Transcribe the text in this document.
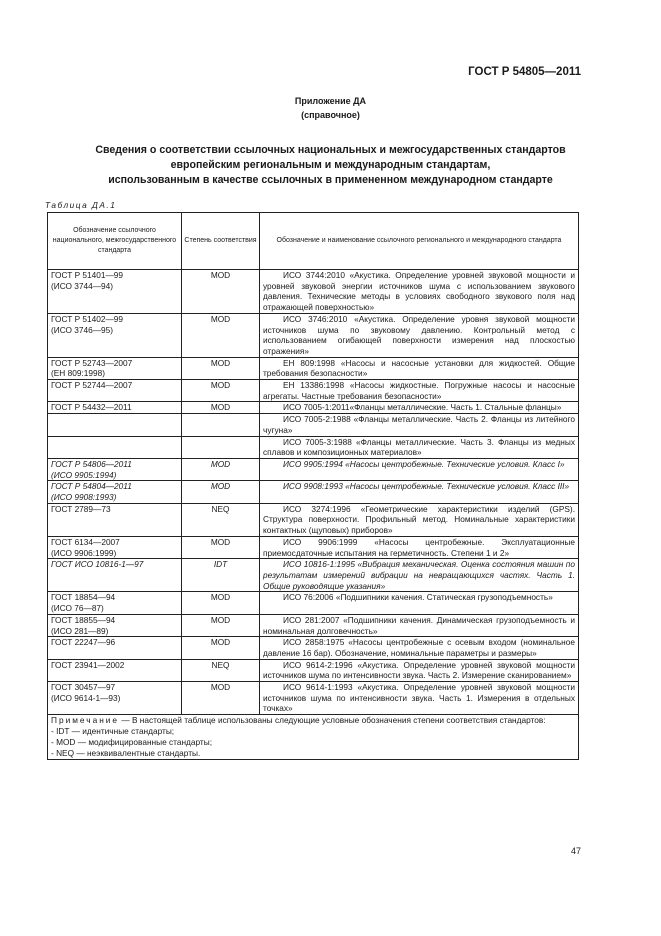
ГОСТ Р 54805—2011
Приложение ДА
(справочное)
Сведения о соответствии ссылочных национальных и межгосударственных стандартов
европейским региональным и международным стандартам,
использованным в качестве ссылочных в примененном международном стандарте
Таблица ДА.1
Обозначение ссылочного национального, межгосударственного стандарта	Степень соответствия	Обозначение и наименование ссылочного регионального и международного стандарта
ГОСТ Р 51401—99
(ИСО 3744—94)	MOD	ИСО 3744:2010 «Акустика. Определение уровней звуковой мощности и уровней звуковой энергии источников шума с использованием звукового давления. Технические методы в условиях свободного звукового поля над отражающей поверхностью»
ГОСТ Р 51402—99
(ИСО 3746—95)	MOD	ИСО 3746:2010 «Акустика. Определение уровня звуковой мощности источников шума по звуковому давлению. Контрольный метод с использованием огибающей поверхности измерения над плоскостью отражения»
ГОСТ Р 52743—2007
(ЕН 809:1998)	MOD	ЕН 809:1998 «Насосы и насосные установки для жидкостей. Общие требования безопасности»
ГОСТ Р 52744—2007	MOD	ЕН 13386:1998 «Насосы жидкостные. Погружные насосы и насосные агрегаты. Частные требования безопасности»
ГОСТ Р 54432—2011	MOD	ИСО 7005-1:2011«Фланцы металлические. Часть 1. Стальные фланцы»
		ИСО 7005-2:1988 «Фланцы металлические. Часть 2. Фланцы из литейного чугуна»
		ИСО 7005-3:1988 «Фланцы металлические. Часть 3. Фланцы из медных сплавов и композиционных материалов»
ГОСТ Р 54806—2011
(ИСО 9905:1994)	MOD	ИСО 9905:1994 «Насосы центробежные. Технические условия. Класс I»
ГОСТ Р 54804—2011
(ИСО 9908:1993)	MOD	ИСО 9908:1993 «Насосы центробежные. Технические условия. Класс III»
ГОСТ 2789—73	NEQ	ИСО 3274:1996 «Геометрические характеристики изделий (GPS). Структура поверхности. Профильный метод. Номинальные характеристики контактных (щуповых) приборов»
ГОСТ 6134—2007
(ИСО 9906:1999)	MOD	ИСО 9906:1999 «Насосы центробежные. Эксплуатационные приемосдаточные испытания на герметичность. Степени 1 и 2»
ГОСТ ИСО 10816-1—97	IDT	ИСО 10816-1:1995 «Вибрация механическая. Оценка состояния машин по результатам измерений вибрации на невращающихся частях. Часть 1. Общие руководящие указания»
ГОСТ 18854—94
(ИСО 76—87)	MOD	ИСО 76:2006 «Подшипники качения. Статическая грузоподъемность»
ГОСТ 18855—94
(ИСО 281—89)	MOD	ИСО 281:2007 «Подшипники качения. Динамическая грузоподъемность и номинальная долговечность»
ГОСТ 22247—96	MOD	ИСО 2858:1975 «Насосы центробежные с осевым входом (номинальное давление 16 бар). Обозначение, номинальные параметры и размеры»
ГОСТ 23941—2002	NEQ	ИСО 9614-2:1996 «Акустика. Определение уровней звуковой мощности источников шума по интенсивности звука. Часть 2. Измерение сканированием»
ГОСТ 30457—97
(ИСО 9614-1—93)	MOD	ИСО 9614-1:1993 «Акустика. Определение уровней звуковой мощности источников шума по интенсивности звука. Часть 1. Измерения в отдельных точках»

Примечание — В настоящей таблице использованы следующие условные обозначения степени соответствия стандартов:
- IDT — идентичные стандарты;
- MOD — модифицированные стандарты;
- NEQ — неэквивалентные стандарты.		
47
